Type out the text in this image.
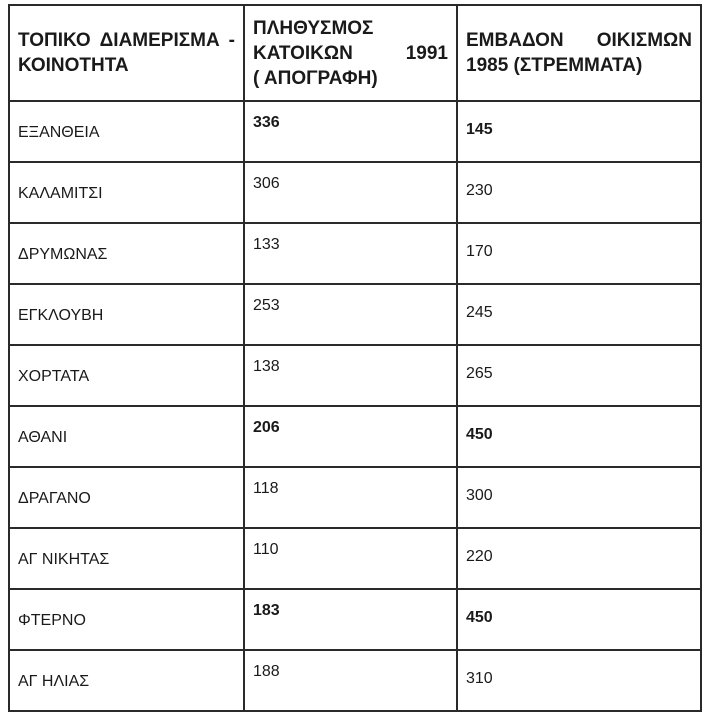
ΤΟΠΙΚΟ ΔΙΑΜΕΡΙΣΜΑ -
ΚΟΙΝΟΤΗΤΑ

ΠΛΗΘΥΣΜΟΣ
ΚΑΤΟΙΚΩΝ	1991
( ΑΠΟΓΡΑΦΗ)

ΕΜΒΑΔΟΝ ΟΙΚΙΣΜΩΝ
1985 (ΣΤΡΕΜΜΑΤΑ)

ΕΞΑΝΘΕΙΑ	336	145
ΚΑΛΑΜΙΤΣΙ	306	230
ΔΡΥΜΩΝΑΣ	133	170
ΕΓΚΛΟΥΒΗ	253	245
ΧΟΡΤΑΤΑ	138	265
ΑΘΑΝΙ	206	450
ΔΡΑΓΑΝΟ	118	300
ΑΓ ΝΙΚΗΤΑΣ	110	220
ΦΤΕΡΝΟ	183	450
ΑΓ ΗΛΙΑΣ	188	310
